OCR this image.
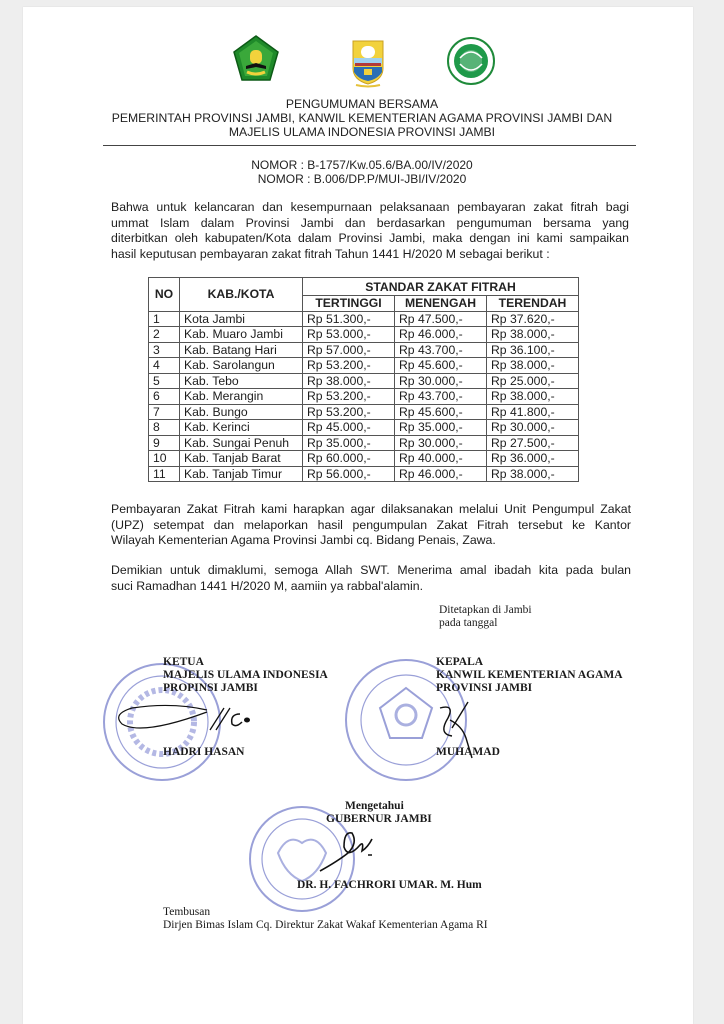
PENGUMUMAN BERSAMA
PEMERINTAH PROVINSI JAMBI, KANWIL KEMENTERIAN AGAMA PROVINSI JAMBI DAN
MAJELIS ULAMA INDONESIA PROVINSI JAMBI
NOMOR : B-1757/Kw.05.6/BA.00/IV/2020
NOMOR : B.006/DP.P/MUI-JBI/IV/2020
Bahwa untuk kelancaran dan kesempurnaan pelaksanaan pembayaran zakat fitrah bagi
ummat Islam dalam Provinsi Jambi dan berdasarkan pengumuman bersama yang
diterbitkan oleh kabupaten/Kota dalam Provinsi Jambi, maka dengan ini kami sampaikan
hasil keputusan pembayaran zakat fitrah Tahun 1441 H/2020 M sebagai berikut :
NO	KAB./KOTA	STANDAR ZAKAT FITRAH		
		TERTINGGI	MENENGAH	TERENDAH
1	Kota Jambi	Rp 51.300,-	Rp 47.500,-	Rp 37.620,-
2	Kab. Muaro Jambi	Rp 53.000,-	Rp 46.000,-	Rp 38.000,-
3	Kab. Batang Hari	Rp 57.000,-	Rp 43.700,-	Rp 36.100,-
4	Kab. Sarolangun	Rp 53.200,-	Rp 45.600,-	Rp 38.000,-
5	Kab. Tebo	Rp 38.000,-	Rp 30.000,-	Rp 25.000,-
6	Kab. Merangin	Rp 53.200,-	Rp 43.700,-	Rp 38.000,-
7	Kab. Bungo	Rp 53.200,-	Rp 45.600,-	Rp 41.800,-
8	Kab. Kerinci	Rp 45.000,-	Rp 35.000,-	Rp 30.000,-
9	Kab. Sungai Penuh	Rp 35.000,-	Rp 30.000,-	Rp 27.500,-
10	Kab. Tanjab Barat	Rp 60.000,-	Rp 40.000,-	Rp 36.000,-
11	Kab. Tanjab Timur	Rp 56.000,-	Rp 46.000,-	Rp 38.000,-
Pembayaran Zakat Fitrah kami harapkan agar dilaksanakan melalui Unit Pengumpul Zakat
(UPZ) setempat dan melaporkan hasil pengumpulan Zakat Fitrah tersebut ke Kantor
Wilayah Kementerian Agama Provinsi Jambi cq. Bidang Penais, Zawa.
Demikian untuk dimaklumi, semoga Allah SWT. Menerima amal ibadah kita pada bulan
suci Ramadhan 1441 H/2020 M, aamiin ya rabbal'alamin.
Ditetapkan di Jambi
pada tanggal
KETUA
MAJELIS ULAMA INDONESIA
PROPINSI JAMBI
HADRI HASAN
KEPALA
KANWIL KEMENTERIAN AGAMA
PROVINSI JAMBI
MUHAMAD
Mengetahui
GUBERNUR JAMBI
DR. H. FACHRORI UMAR. M. Hum
Tembusan
Dirjen Bimas Islam Cq. Direktur Zakat Wakaf Kementerian Agama RI
